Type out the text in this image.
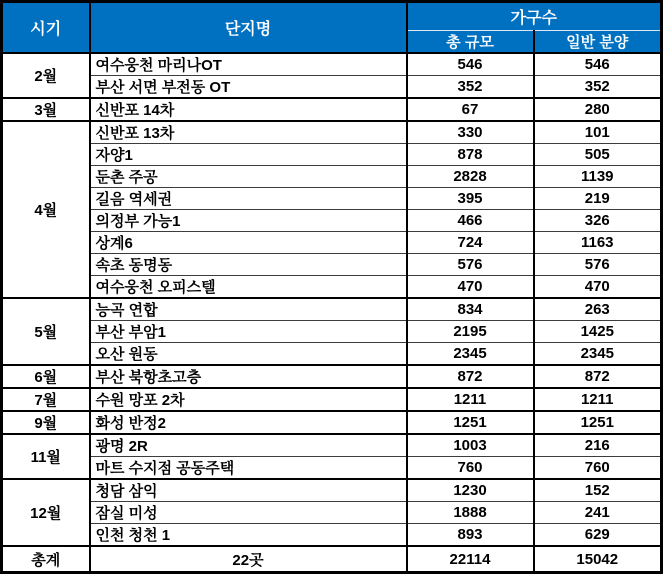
시기	단지명	가구수	
		총 규모	일반 분양
2월	여수웅천 마리나OT	546	546
	부산 서면 부전동 OT	352	352
3월	신반포 14차	67	280
4월	신반포 13차	330	101
	자양1	878	505
	둔촌 주공	2828	1139
	길음 역세권	395	219
	의정부 가능1	466	326
	상계6	724	1163
	속초 동명동	576	576
	여수웅천 오피스텔	470	470
5월	능곡 연합	834	263
	부산 부암1	2195	1425
	오산 원동	2345	2345
6월	부산 북항초고층	872	872
7월	수원 망포 2차	1211	1211
9월	화성 반정2	1251	1251
11월	광명 2R	1003	216
	마트 수지점 공동주택	760	760
12월	청담 삼익	1230	152
	잠실 미성	1888	241
	인천 청천 1	893	629
총계	22곳	22114	15042
